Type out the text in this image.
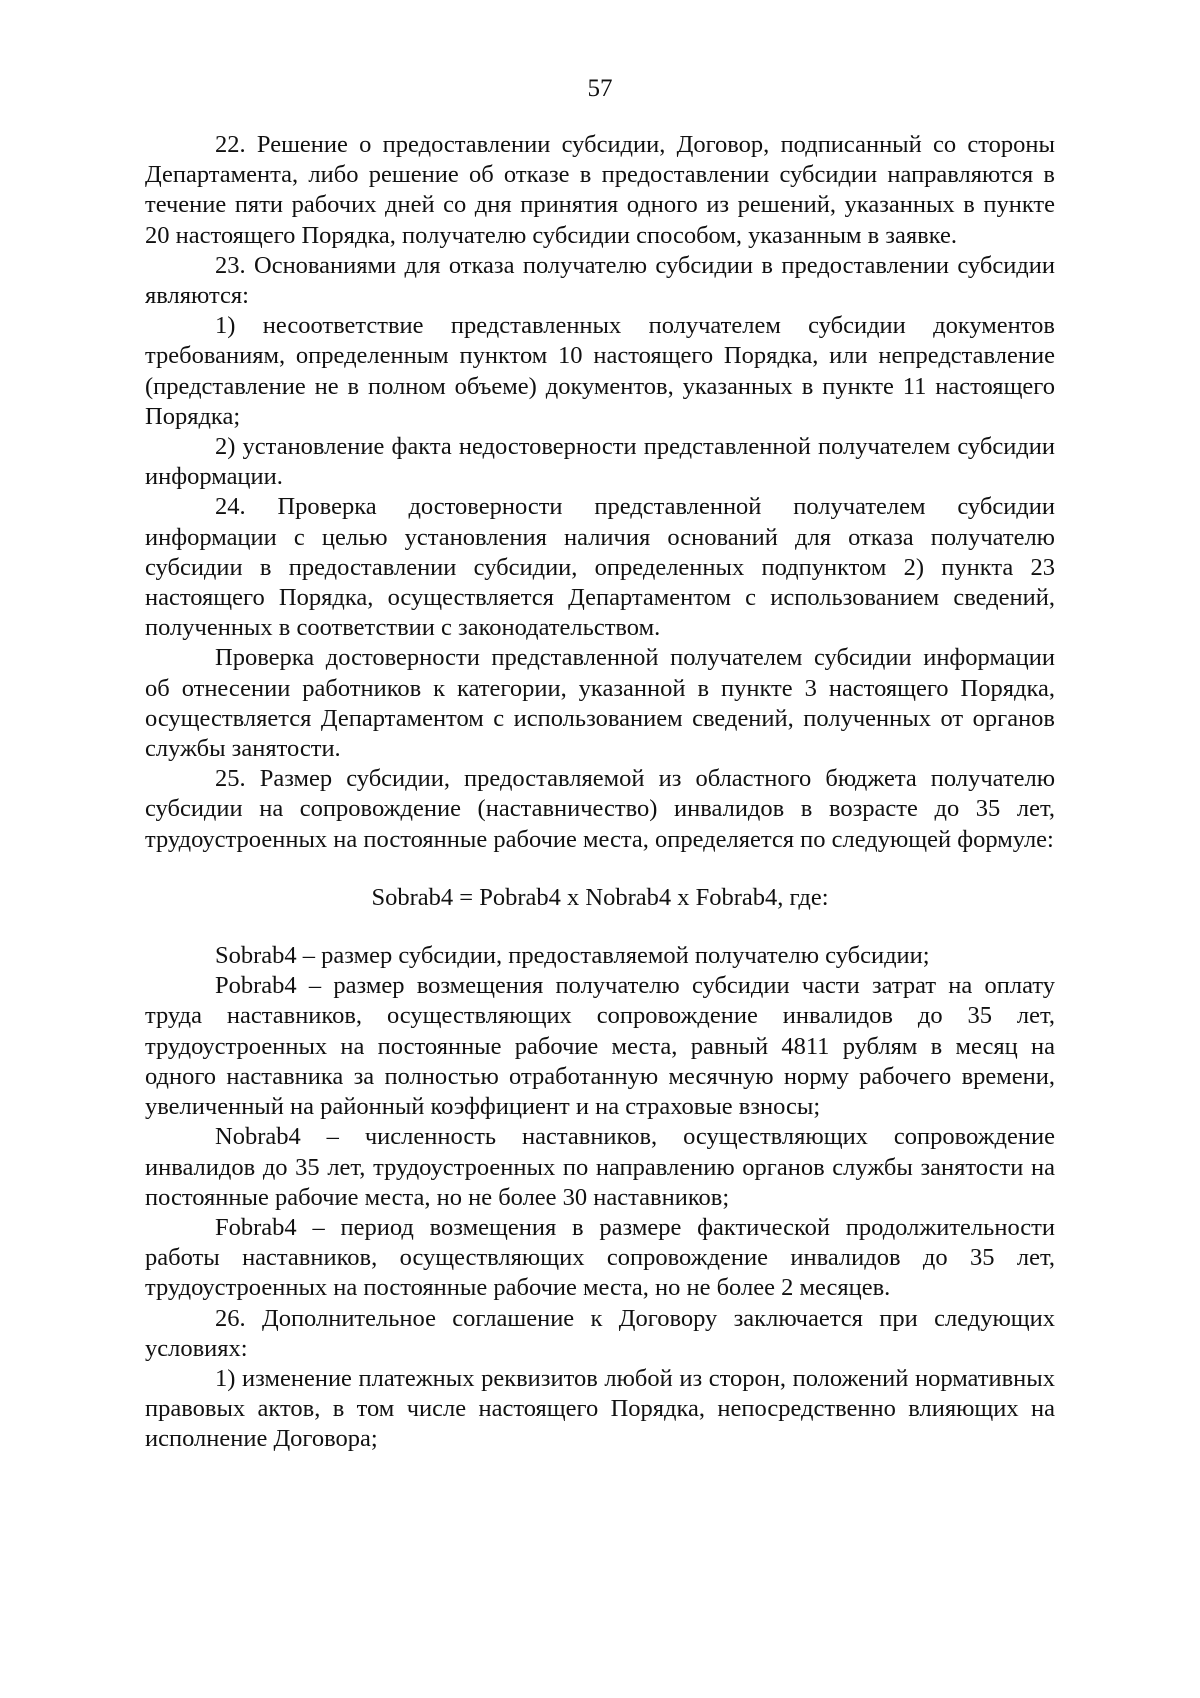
57

22. Решение о предоставлении субсидии, Договор, подписанный со стороны Департамента, либо решение об отказе в предоставлении субсидии направляются в течение пяти рабочих дней со дня принятия одного из решений, указанных в пункте 20 настоящего Порядка, получателю субсидии способом, указанным в заявке.

23. Основаниями для отказа получателю субсидии в предоставлении субсидии являются:

1) несоответствие представленных получателем субсидии документов требованиям, определенным пунктом 10 настоящего Порядка, или непредставление (представление не в полном объеме) документов, указанных в пункте 11 настоящего Порядка;

2) установление факта недостоверности представленной получателем субсидии информации.

24. Проверка достоверности представленной получателем субсидии информации с целью установления наличия оснований для отказа получателю субсидии в предоставлении субсидии, определенных подпунктом 2) пункта 23 настоящего Порядка, осуществляется Департаментом с использованием сведений, полученных в соответствии с законодательством.

Проверка достоверности представленной получателем субсидии информации об отнесении работников к категории, указанной в пункте 3 настоящего Порядка, осуществляется Департаментом с использованием сведений, полученных от органов службы занятости.

25. Размер субсидии, предоставляемой из областного бюджета получателю субсидии на сопровождение (наставничество) инвалидов в возрасте до 35 лет, трудоустроенных на постоянные рабочие места, определяется по следующей формуле:

Sobrab4 = Pobrab4 x Nobrab4 x Fobrab4, где:

Sobrab4 – размер субсидии, предоставляемой получателю субсидии;

Pobrab4 – размер возмещения получателю субсидии части затрат на оплату труда наставников, осуществляющих сопровождение инвалидов до 35 лет, трудоустроенных на постоянные рабочие места, равный 4811 рублям в месяц на одного наставника за полностью отработанную месячную норму рабочего времени, увеличенный на районный коэффициент и на страховые взносы;

Nobrab4 – численность наставников, осуществляющих сопровождение инвалидов до 35 лет, трудоустроенных по направлению органов службы занятости на постоянные рабочие места, но не более 30 наставников;

Fobrab4 – период возмещения в размере фактической продолжительности работы наставников, осуществляющих сопровождение инвалидов до 35 лет, трудоустроенных на постоянные рабочие места, но не более 2 месяцев.

26. Дополнительное соглашение к Договору заключается при следующих условиях:

1) изменение платежных реквизитов любой из сторон, положений нормативных правовых актов, в том числе настоящего Порядка, непосредственно влияющих на исполнение Договора;
